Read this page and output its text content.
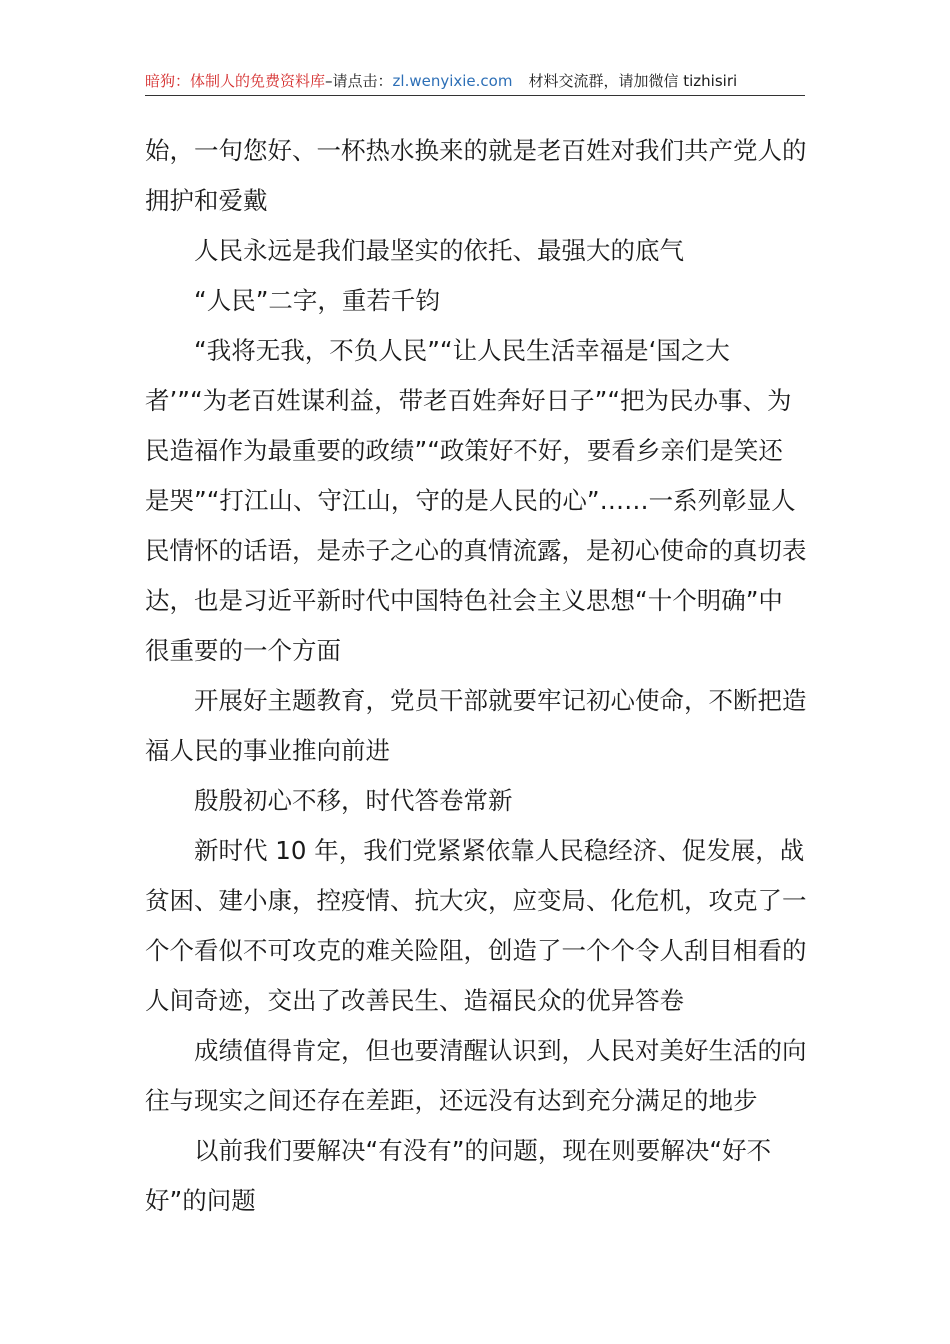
暗狗：体制人的免费资料库–请点击：zl.wenyixie.com 材料交流群，请加微信 tizhisiri

始，一句您好、一杯热水换来的就是老百姓对我们共产党人的拥护和爱戴

人民永远是我们最坚实的依托、最强大的底气

“人民”二字，重若千钧

“我将无我，不负人民”“让人民生活幸福是‘国之大者’”“为老百姓谋利益，带老百姓奔好日子”“把为民办事、为民造福作为最重要的政绩”“政策好不好，要看乡亲们是笑还是哭”“打江山、守江山，守的是人民的心”……一系列彰显人民情怀的话语，是赤子之心的真情流露，是初心使命的真切表达，也是习近平新时代中国特色社会主义思想“十个明确”中很重要的一个方面

开展好主题教育，党员干部就要牢记初心使命，不断把造福人民的事业推向前进

殷殷初心不移，时代答卷常新

新时代 10 年，我们党紧紧依靠人民稳经济、促发展，战贫困、建小康，控疫情、抗大灾，应变局、化危机，攻克了一个个看似不可攻克的难关险阻，创造了一个个令人刮目相看的人间奇迹，交出了改善民生、造福民众的优异答卷

成绩值得肯定，但也要清醒认识到，人民对美好生活的向往与现实之间还存在差距，还远没有达到充分满足的地步

以前我们要解决“有没有”的问题，现在则要解决“好不好”的问题
